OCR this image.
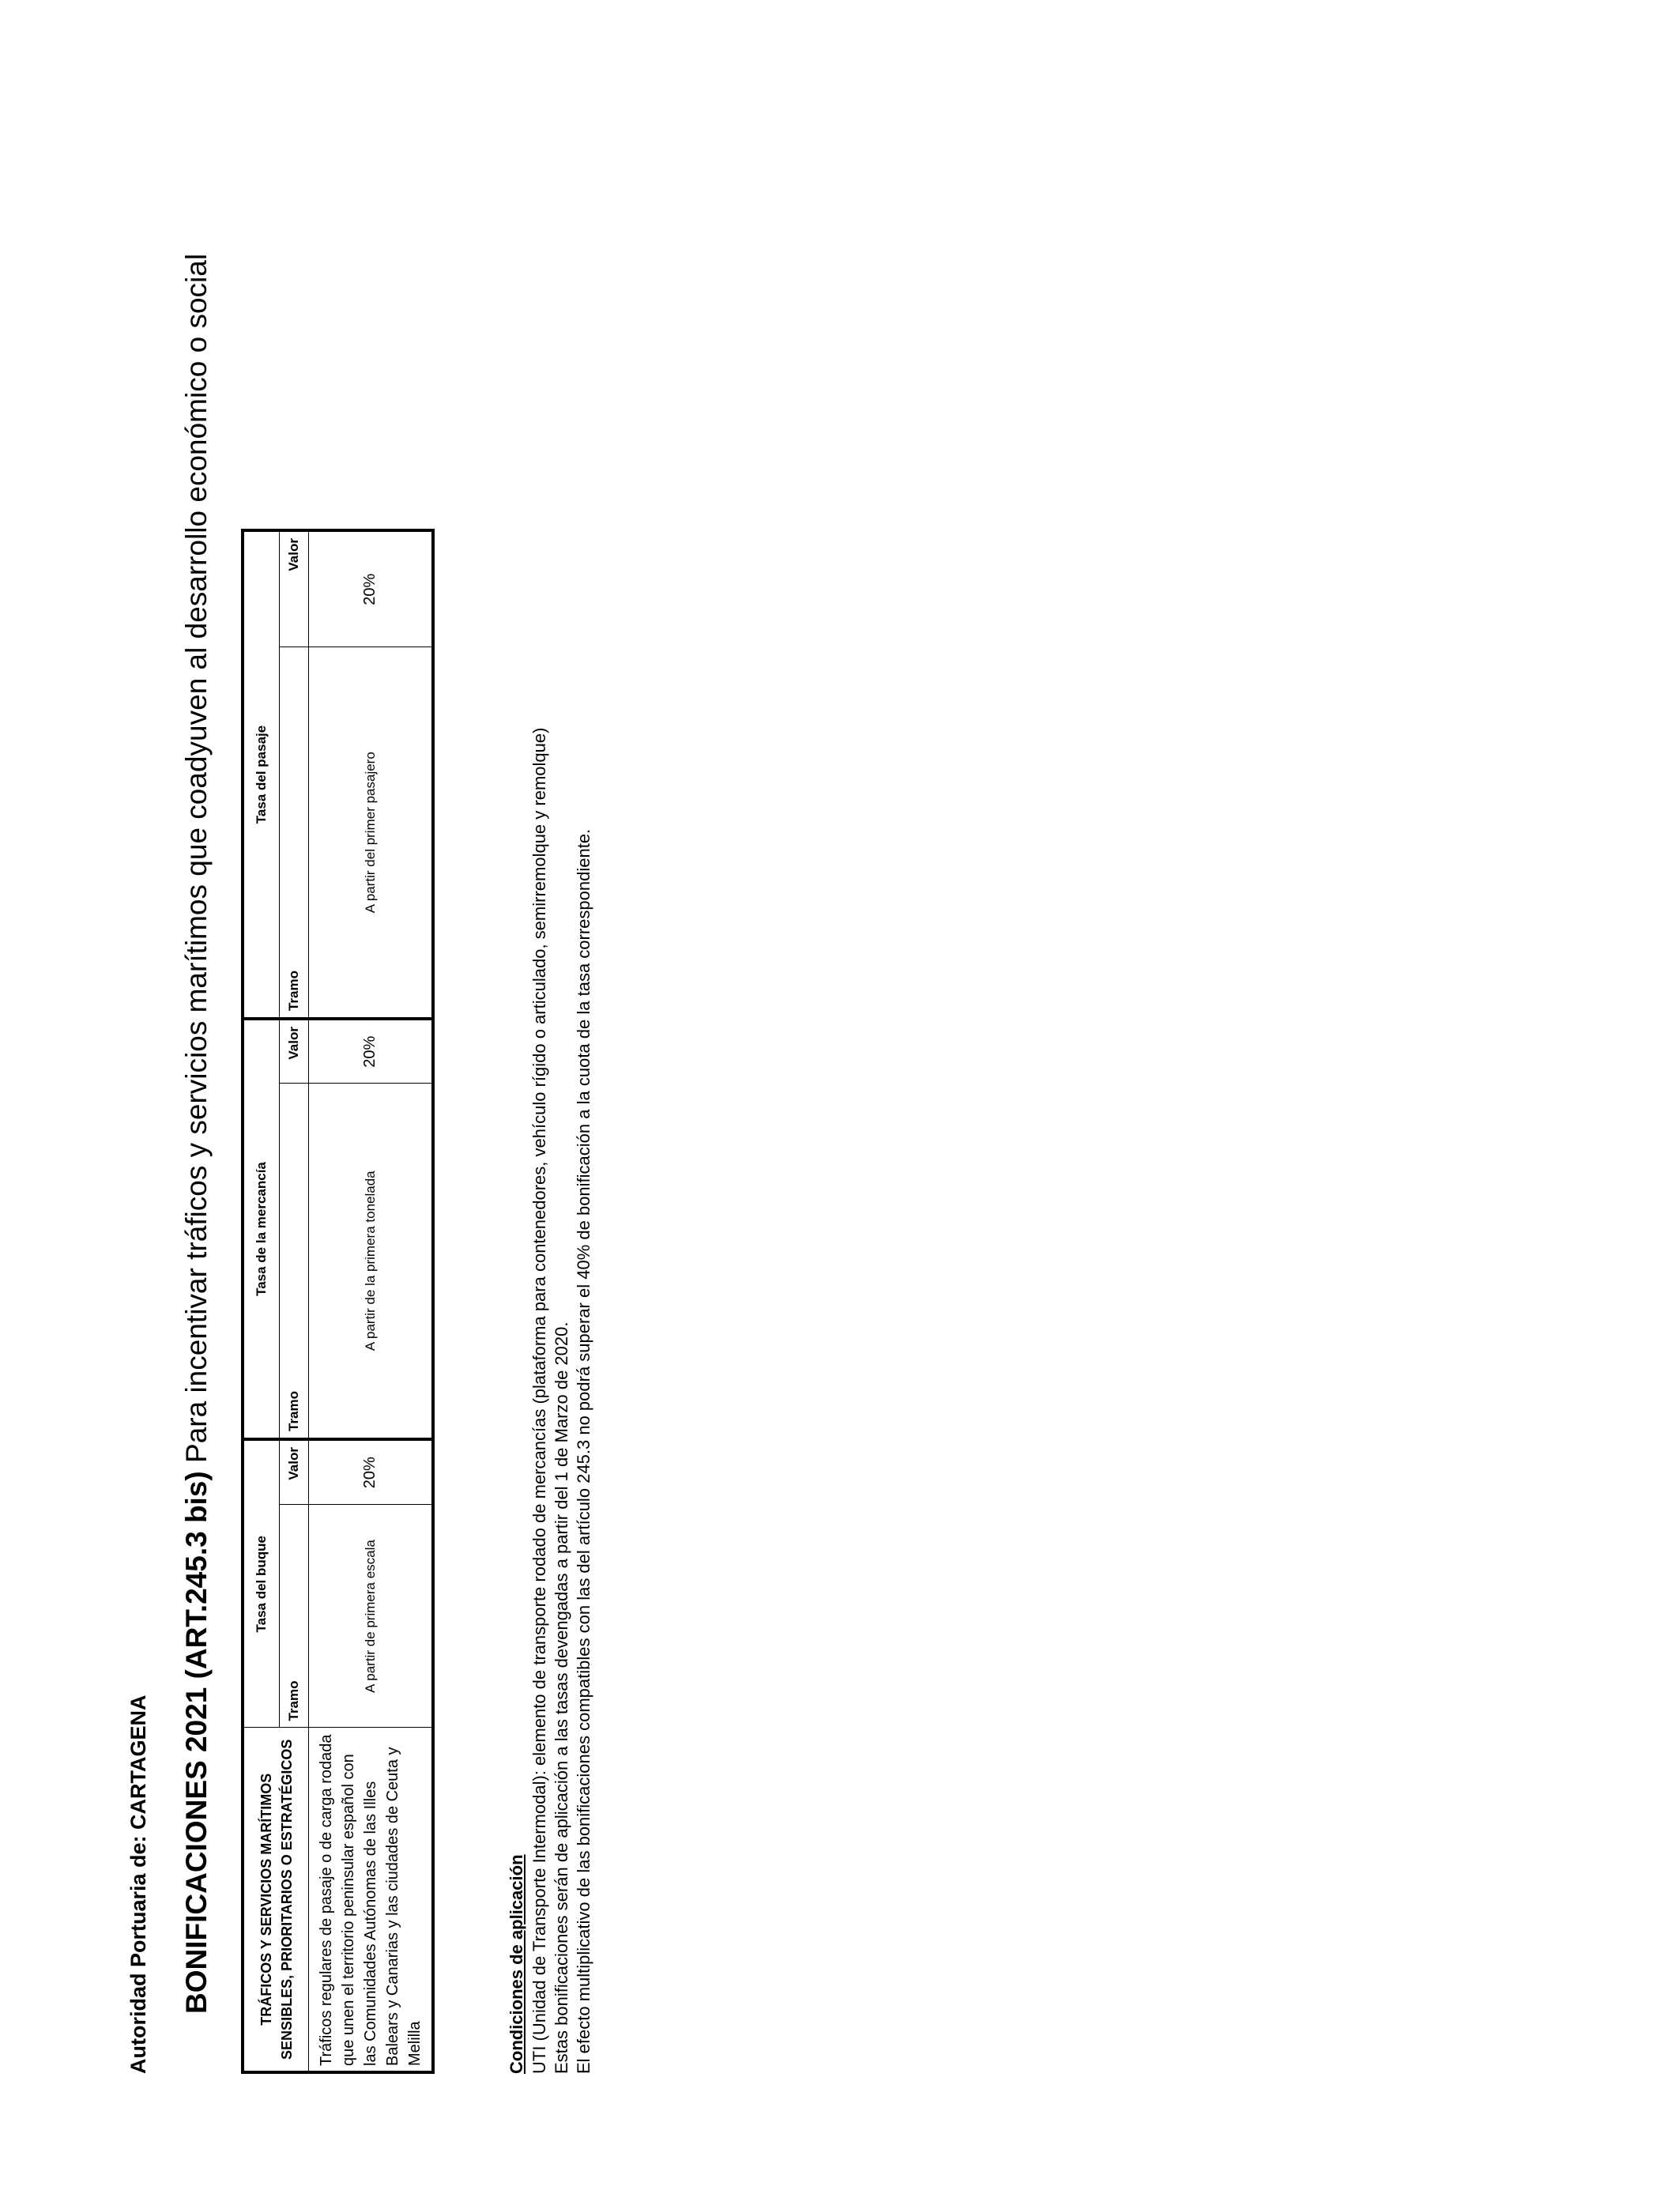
Autoridad Portuaria de: CARTAGENA BONIFICACIONES 2021 (ART.245.3 bis) Para incentivar tráficos y servicios marítimos que coadyuven al desarrollo económico o social
TRÁFICOS Y SERVICIOS MARÍTIMOS SENSIBLES, PRIORITARIOS O ESTRATÉGICOS	Tasa del buque		Tasa de la mercancía		Tasa del pasaje	
	Tramo	Valor	Tramo	Valor	Tramo	Valor
Tráficos regulares de pasaje o de carga rodada que unen el territorio peninsular español con las Comunidades Autónomas de las Illes Balears y Canarias y las ciudades de Ceuta y Melilla	A partir de primera escala	20%	A partir de la primera tonelada	20%	A partir del primer pasajero	20%
Condiciones de aplicación UTI (Unidad de Transporte Intermodal): elemento de transporte rodado de mercancías (plataforma para contenedores, vehículo rígido o articulado, semirremolque y remolque) Estas bonificaciones serán de aplicación a las tasas devengadas a partir del 1 de Marzo de 2020. El efecto multiplicativo de las bonificaciones compatibles con las del artículo 245.3 no podrá superar el 40% de bonificación a la cuota de la tasa correspondiente.
